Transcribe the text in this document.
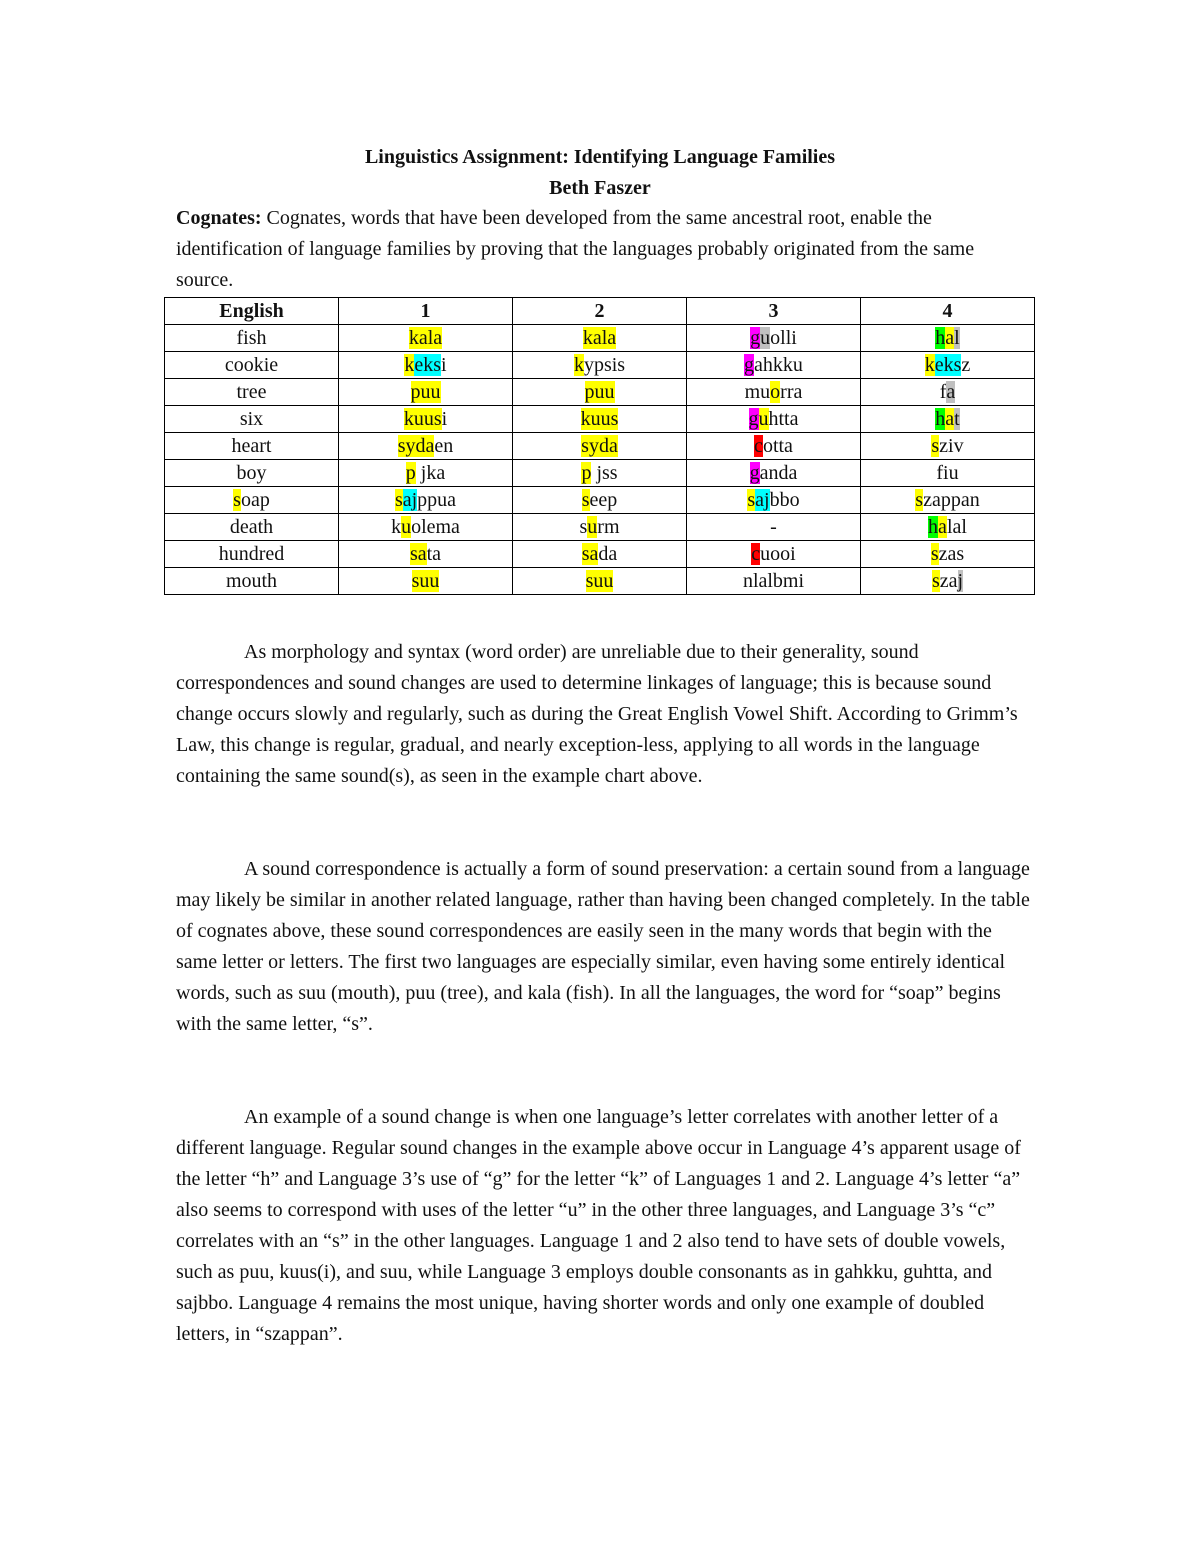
Linguistics Assignment: Identifying Language Families
Beth Faszer
Cognates: Cognates, words that have been developed from the same ancestral root, enable the identification of language families by proving that the languages probably originated from the same source.
English	1	2	3	4
fish	kala	kala	guolli	hal
cookie	keksi	kypsis	gahkku	keksz
tree	puu	puu	muorra	fa
six	kuusi	kuus	guhtta	hat
heart	sydaen	syda	cotta	sziv
boy	p jka	p jss	ganda	fiu
soap	sajppua	seep	sajbbo	szappan
death	kuolema	surm	-	halal
hundred	sata	sada	cuooi	szas
mouth	suu	suu	nlalbmi	szaj

As morphology and syntax (word order) are unreliable due to their generality, sound correspondences and sound changes are used to determine linkages of language; this is because sound change occurs slowly and regularly, such as during the Great English Vowel Shift. According to Grimm’s Law, this change is regular, gradual, and nearly exception-less, applying to all words in the language containing the same sound(s), as seen in the example chart above.

A sound correspondence is actually a form of sound preservation: a certain sound from a language may likely be similar in another related language, rather than having been changed completely. In the table of cognates above, these sound correspondences are easily seen in the many words that begin with the same letter or letters. The first two languages are especially similar, even having some entirely identical words, such as suu (mouth), puu (tree), and kala (fish). In all the languages, the word for “soap” begins with the same letter, “s”.

An example of a sound change is when one language’s letter correlates with another letter of a different language. Regular sound changes in the example above occur in Language 4’s apparent usage of the letter “h” and Language 3’s use of “g” for the letter “k” of Languages 1 and 2. Language 4’s letter “a” also seems to correspond with uses of the letter “u” in the other three languages, and Language 3’s “c” correlates with an “s” in the other languages. Language 1 and 2 also tend to have sets of double vowels, such as puu, kuus(i), and suu, while Language 3 employs double consonants as in gahkku, guhtta, and sajbbo. Language 4 remains the most unique, having shorter words and only one example of doubled letters, in “szappan”.
